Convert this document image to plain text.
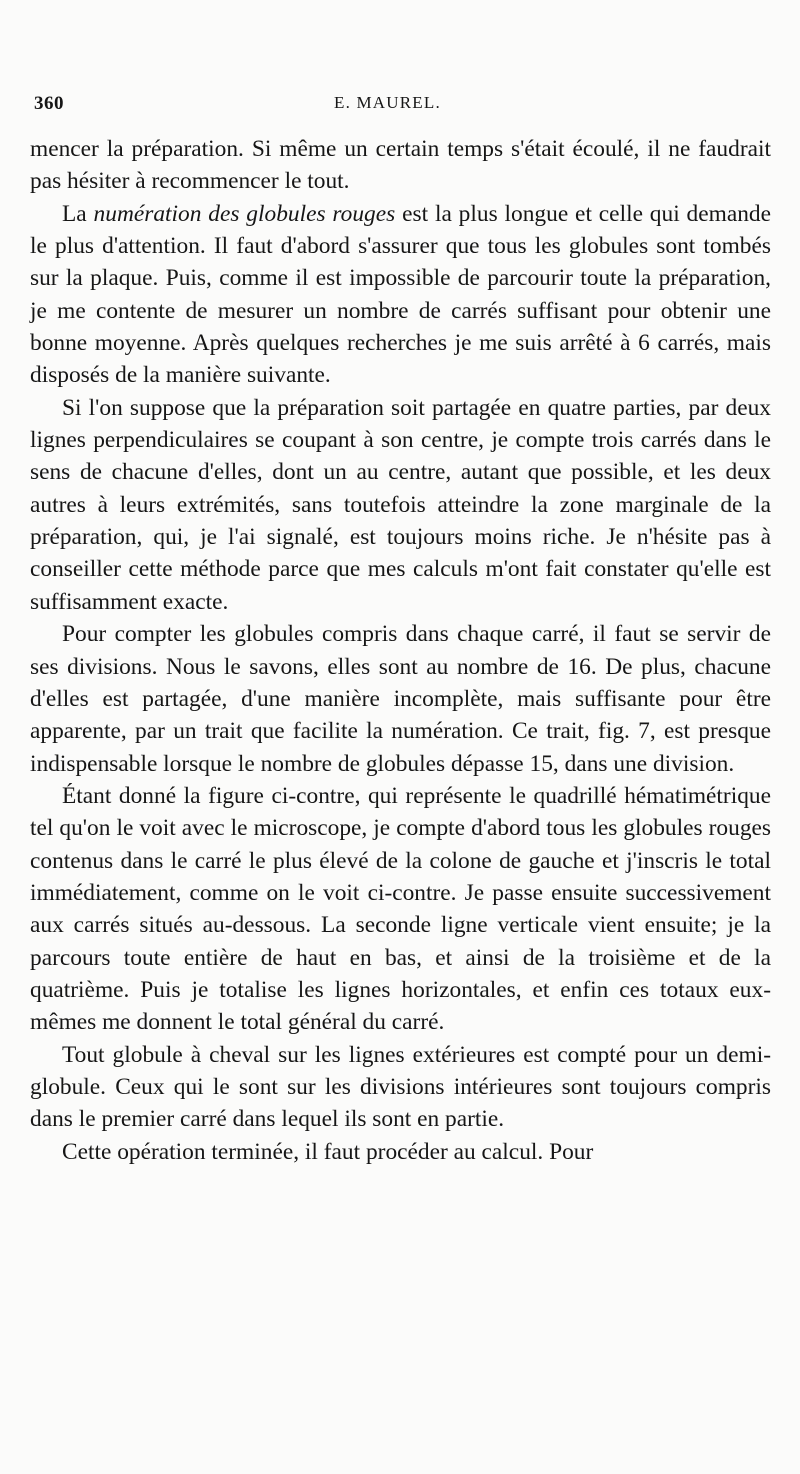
360	E. MAUREL.

mencer la préparation. Si même un certain temps s'était écoulé, il ne faudrait pas hésiter à recommencer le tout.

La numération des globules rouges est la plus longue et celle qui demande le plus d'attention. Il faut d'abord s'assurer que tous les globules sont tombés sur la plaque. Puis, comme il est impossible de parcourir toute la préparation, je me contente de mesurer un nombre de carrés suffisant pour obtenir une bonne moyenne. Après quelques recherches je me suis arrêté à 6 carrés, mais disposés de la manière suivante.

Si l'on suppose que la préparation soit partagée en quatre parties, par deux lignes perpendiculaires se coupant à son centre, je compte trois carrés dans le sens de chacune d'elles, dont un au centre, autant que possible, et les deux autres à leurs extrémités, sans toutefois atteindre la zone marginale de la préparation, qui, je l'ai signalé, est toujours moins riche. Je n'hésite pas à conseiller cette méthode parce que mes calculs m'ont fait constater qu'elle est suffisamment exacte.

Pour compter les globules compris dans chaque carré, il faut se servir de ses divisions. Nous le savons, elles sont au nombre de 16. De plus, chacune d'elles est partagée, d'une manière incomplète, mais suffisante pour être apparente, par un trait que facilite la numération. Ce trait, fig. 7, est presque indispensable lorsque le nombre de globules dépasse 15, dans une division.

Étant donné la figure ci-contre, qui représente le quadrillé hématimétrique tel qu'on le voit avec le microscope, je compte d'abord tous les globules rouges contenus dans le carré le plus élevé de la colone de gauche et j'inscris le total immédiatement, comme on le voit ci-contre. Je passe ensuite successivement aux carrés situés au-dessous. La seconde ligne verticale vient ensuite; je la parcours toute entière de haut en bas, et ainsi de la troisième et de la quatrième. Puis je totalise les lignes horizontales, et enfin ces totaux eux-mêmes me donnent le total général du carré.

Tout globule à cheval sur les lignes extérieures est compté pour un demi-globule. Ceux qui le sont sur les divisions intérieures sont toujours compris dans le premier carré dans lequel ils sont en partie.

Cette opération terminée, il faut procéder au calcul. Pour
